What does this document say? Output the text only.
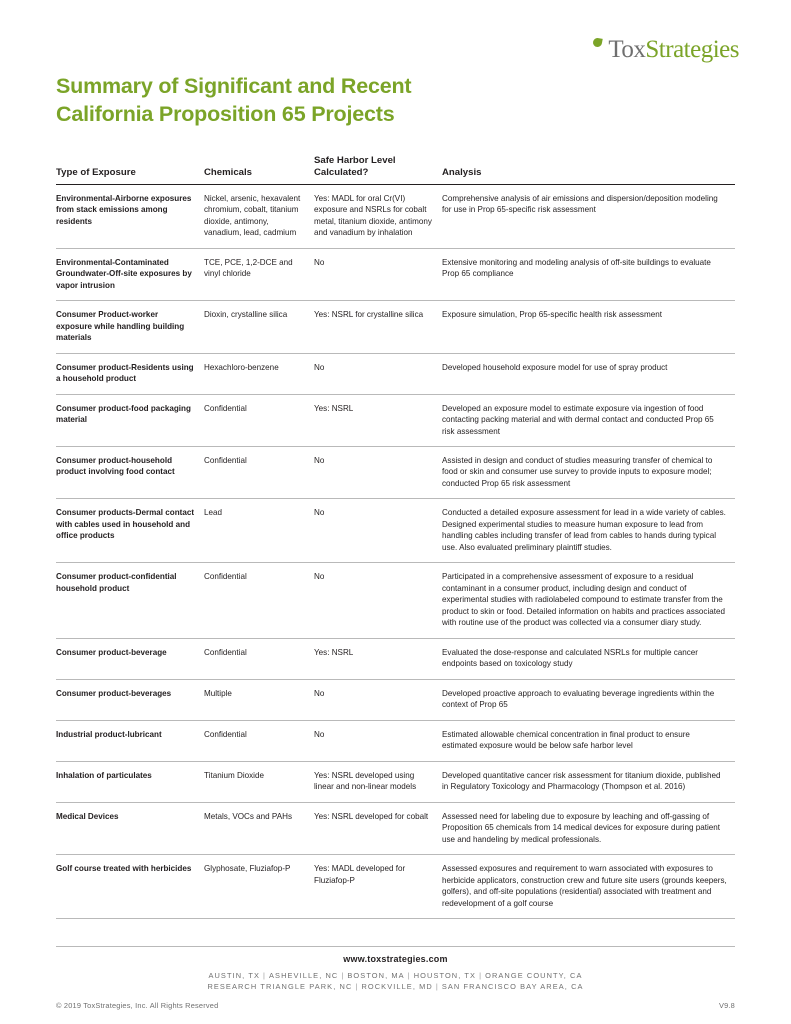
ToxStrategies
Summary of Significant and Recent California Proposition 65 Projects
Type of Exposure	Chemicals	Safe Harbor Level Calculated?	Analysis
Environmental-Airborne exposures from stack emissions among residents	Nickel, arsenic, hexavalent chromium, cobalt, titanium dioxide, antimony, vanadium, lead, cadmium	Yes: MADL for oral Cr(VI) exposure and NSRLs for cobalt metal, titanium dioxide, antimony and vanadium by inhalation	Comprehensive analysis of air emissions and dispersion/deposition modeling for use in Prop 65-specific risk assessment
Environmental-Contaminated Groundwater-Off-site exposures by vapor intrusion	TCE, PCE, 1,2-DCE and vinyl chloride	No	Extensive monitoring and modeling analysis of off-site buildings to evaluate Prop 65 compliance
Consumer Product-worker exposure while handling building materials	Dioxin, crystalline silica	Yes: NSRL for crystalline silica	Exposure simulation, Prop 65-specific health risk assessment
Consumer product-Residents using a household product	Hexachloro-benzene	No	Developed household exposure model for use of spray product
Consumer product-food packaging material	Confidential	Yes: NSRL	Developed an exposure model to estimate exposure via ingestion of food contacting packing material and with dermal contact and conducted Prop 65 risk assessment
Consumer product-household product involving food contact	Confidential	No	Assisted in design and conduct of studies measuring transfer of chemical to food or skin and consumer use survey to provide inputs to exposure model; conducted Prop 65 risk assessment
Consumer products-Dermal contact with cables used in household and office products	Lead	No	Conducted a detailed exposure assessment for lead in a wide variety of cables. Designed experimental studies to measure human exposure to lead from handling cables including transfer of lead from cables to hands during typical use. Also evaluated preliminary plaintiff studies.
Consumer product-confidential household product	Confidential	No	Participated in a comprehensive assessment of exposure to a residual contaminant in a consumer product, including design and conduct of experimental studies with radiolabeled compound to estimate transfer from the product to skin or food. Detailed information on habits and practices associated with routine use of the product was collected via a consumer diary study.
Consumer product-beverage	Confidential	Yes: NSRL	Evaluated the dose-response and calculated NSRLs for multiple cancer endpoints based on toxicology study
Consumer product-beverages	Multiple	No	Developed proactive approach to evaluating beverage ingredients within the context of Prop 65
Industrial product-lubricant	Confidential	No	Estimated allowable chemical concentration in final product to ensure estimated exposure would be below safe harbor level
Inhalation of particulates	Titanium Dioxide	Yes: NSRL developed using linear and non-linear models	Developed quantitative cancer risk assessment for titanium dioxide, published in Regulatory Toxicology and Pharmacology (Thompson et al. 2016)
Medical Devices	Metals, VOCs and PAHs	Yes: NSRL developed for cobalt	Assessed need for labeling due to exposure by leaching and off-gassing of Proposition 65 chemicals from 14 medical devices for exposure during patient use and handeling by medical professionals.
Golf course treated with herbicides	Glyphosate, Fluziafop-P	Yes: MADL developed for Fluziafop-P	Assessed exposures and requirement to warn associated with exposures to herbicide applicators, construction crew and future site users (grounds keepers, golfers), and off-site populations (residential) associated with treatment and redevelopment of a golf course
www.toxstrategies.com
AUSTIN, TX | ASHEVILLE, NC | BOSTON, MA | HOUSTON, TX | ORANGE COUNTY, CA
RESEARCH TRIANGLE PARK, NC | ROCKVILLE, MD | SAN FRANCISCO BAY AREA, CA
© 2019 ToxStrategies, Inc. All Rights Reserved	V9.8
